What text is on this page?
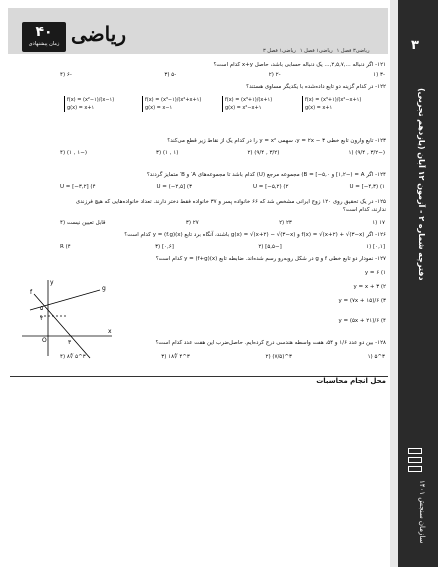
۳
دفترچه شماره ۲ - آزمون ۱۲ آبان (یازدهم تجربی)
سازمان سنجش ۱۴۰۱
ریاضی
ریاضی۳ فصل ۱
ریاضی۱ فصل ۱
ریاضی۱ فصل ۳
۴۰
زمان پیشنهادی
۱۲۱- اگر دنباله ...,۲,۵,۷,... یک دنباله حسابی باشد، حاصل x+y کدام است؟
-۳ (۱
-۲ (۲
-۵ (۳
-۶ (۴
۱۲۲- در کدام گزینه دو تابع داده‌شده با یکدیگر مساوی هستند؟
f(x) = (x³+۱)/(x²−x+۱)
g(x) = x+۱
f(x) = (x³+۱)/(x+۱)
g(x) = x²−x+۱
f(x) = (x³−۱)/(x²+x+۱)
g(x) = x−۱
f(x) = (x²−۱)/(x−۱)
g(x) = x+۱
۱۲۳- تابع وارون تابع خطی y = ۲x − ۳، سهمی y = x² را در کدام یک از نقاط زیر قطع می‌کند؟
(−۳/۲ , ۹/۴) (۱
(۳/۲ , ۹/۴) (۲
(۱ , ۱) (۳
(−۱ , ۱) (۴
۱۲۴- اگر A = (−۱,۲] و B = [−۵,۰) مجموعه مرجع (U) کدام باشد تا مجموعه‌های A′ و B′ متمایز گردند؟
U = [−۴,۳) (۱
U = [−۵,۲) (۲
U = (−۲,۵] (۳
U = [−۳,۲] (۴
۱۲۵- در یک تحقیق روی ۱۲۰ زوج ایرانی مشخص شد که ۶۶ خانواده پسر و ۳۷ خانواده فقط دختر دارند. تعداد خانواده‌هایی که هیچ فرزندی ندارند، کدام است؟
۱۷ (۱
۲۳ (۲
۲۷ (۳
قابل تعیین نیست (۴
۱۲۶- اگر f(x) = √(x+۲) + √(۳−x) و g(x) = √(x+۲) − √(۳−x) باشند، آنگاه برد تابع y = (f.g)(x) کدام است؟
[۰,۱] (۱
[−۵,۵] (۲
[۰,۶] (۳
R (۴
۱۲۷- نمودار دو تابع خطی f و g در شکل روبه‌رو رسم شده‌اند. ضابطه تابع y = (f+g)(x) کدام است؟
y = ۶ (۱
y = x + ۳ (۲
y = (۷x + ۱۵)/۶ (۳
y = (۵x + ۲۱)/۶ (۴
y
x
g
f
۵
۳
۲
O	۱۲۸- بین دو عدد ۱/۶ و ۵۴، هفت واسطه هندسی درج کرده‌ایم. حاصل‌ضرب این هفت عدد کدام است؟
۳^۵ (۱
۳^(۷/۵) (۲
۳^۴ ∜۱۸ (۳
۳^۵ ∜۸ (۴
محل انجام محاسبات
